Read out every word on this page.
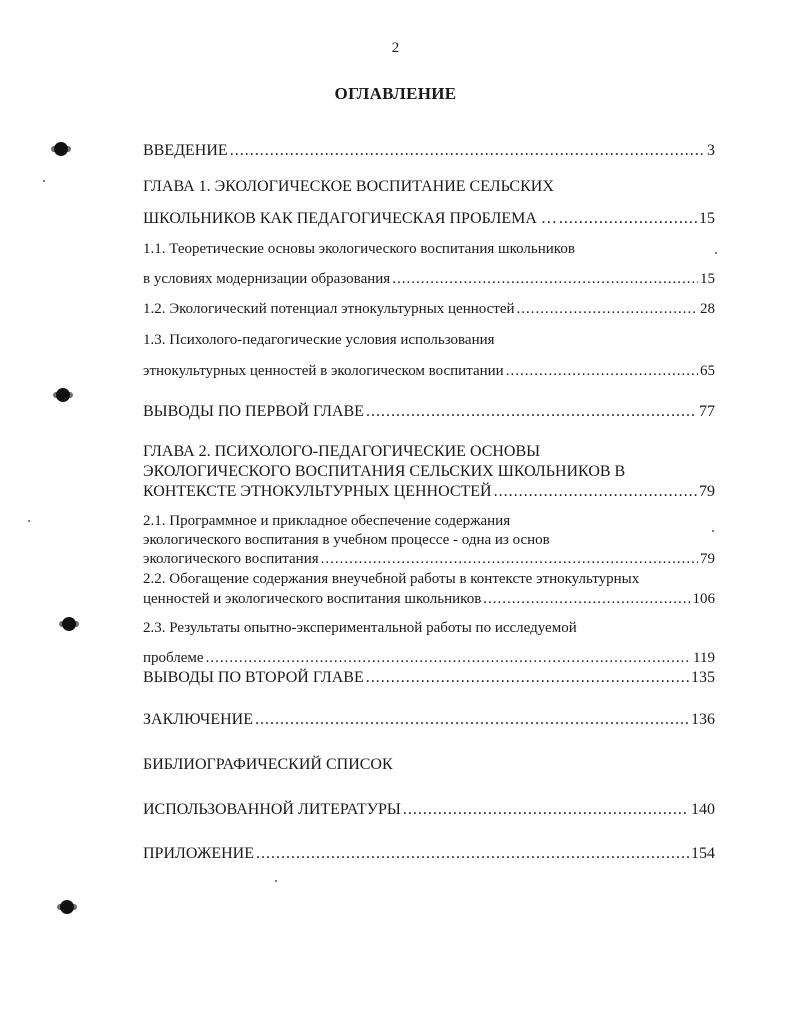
2
ОГЛАВЛЕНИЕ
ВВЕДЕНИЕ .....	3
ГЛАВА 1. ЭКОЛОГИЧЕСКОЕ ВОСПИТАНИЕ СЕЛЬСКИХ
ШКОЛЬНИКОВ КАК ПЕДАГОГИЧЕСКАЯ ПРОБЛЕМА … .....	15
1.1. Теоретические основы экологического воспитания школьников
в условиях модернизации образования .....	15
1.2. Экологический потенциал этнокультурных ценностей .....	28
1.3. Психолого-педагогические условия использования
этнокультурных ценностей в экологическом воспитании .....	65
ВЫВОДЫ ПО ПЕРВОЙ ГЛАВЕ .....	77
ГЛАВА 2. ПСИХОЛОГО-ПЕДАГОГИЧЕСКИЕ ОСНОВЫ
ЭКОЛОГИЧЕСКОГО ВОСПИТАНИЯ СЕЛЬСКИХ ШКОЛЬНИКОВ В
КОНТЕКСТЕ ЭТНОКУЛЬТУРНЫХ ЦЕННОСТЕЙ .....	79
2.1. Программное и прикладное обеспечение содержания
экологического воспитания в учебном процессе - одна из основ
экологического воспитания .....	79
2.2. Обогащение содержания внеучебной работы в контексте этнокультурных
ценностей и экологического воспитания школьников .....	106
2.3. Результаты опытно-экспериментальной работы по исследуемой
проблеме .....	119
ВЫВОДЫ ПО ВТОРОЙ ГЛАВЕ .....	135
ЗАКЛЮЧЕНИЕ .....	136
БИБЛИОГРАФИЧЕСКИЙ СПИСОК
ИСПОЛЬЗОВАННОЙ ЛИТЕРАТУРЫ .....	140
ПРИЛОЖЕНИЕ .....	154
